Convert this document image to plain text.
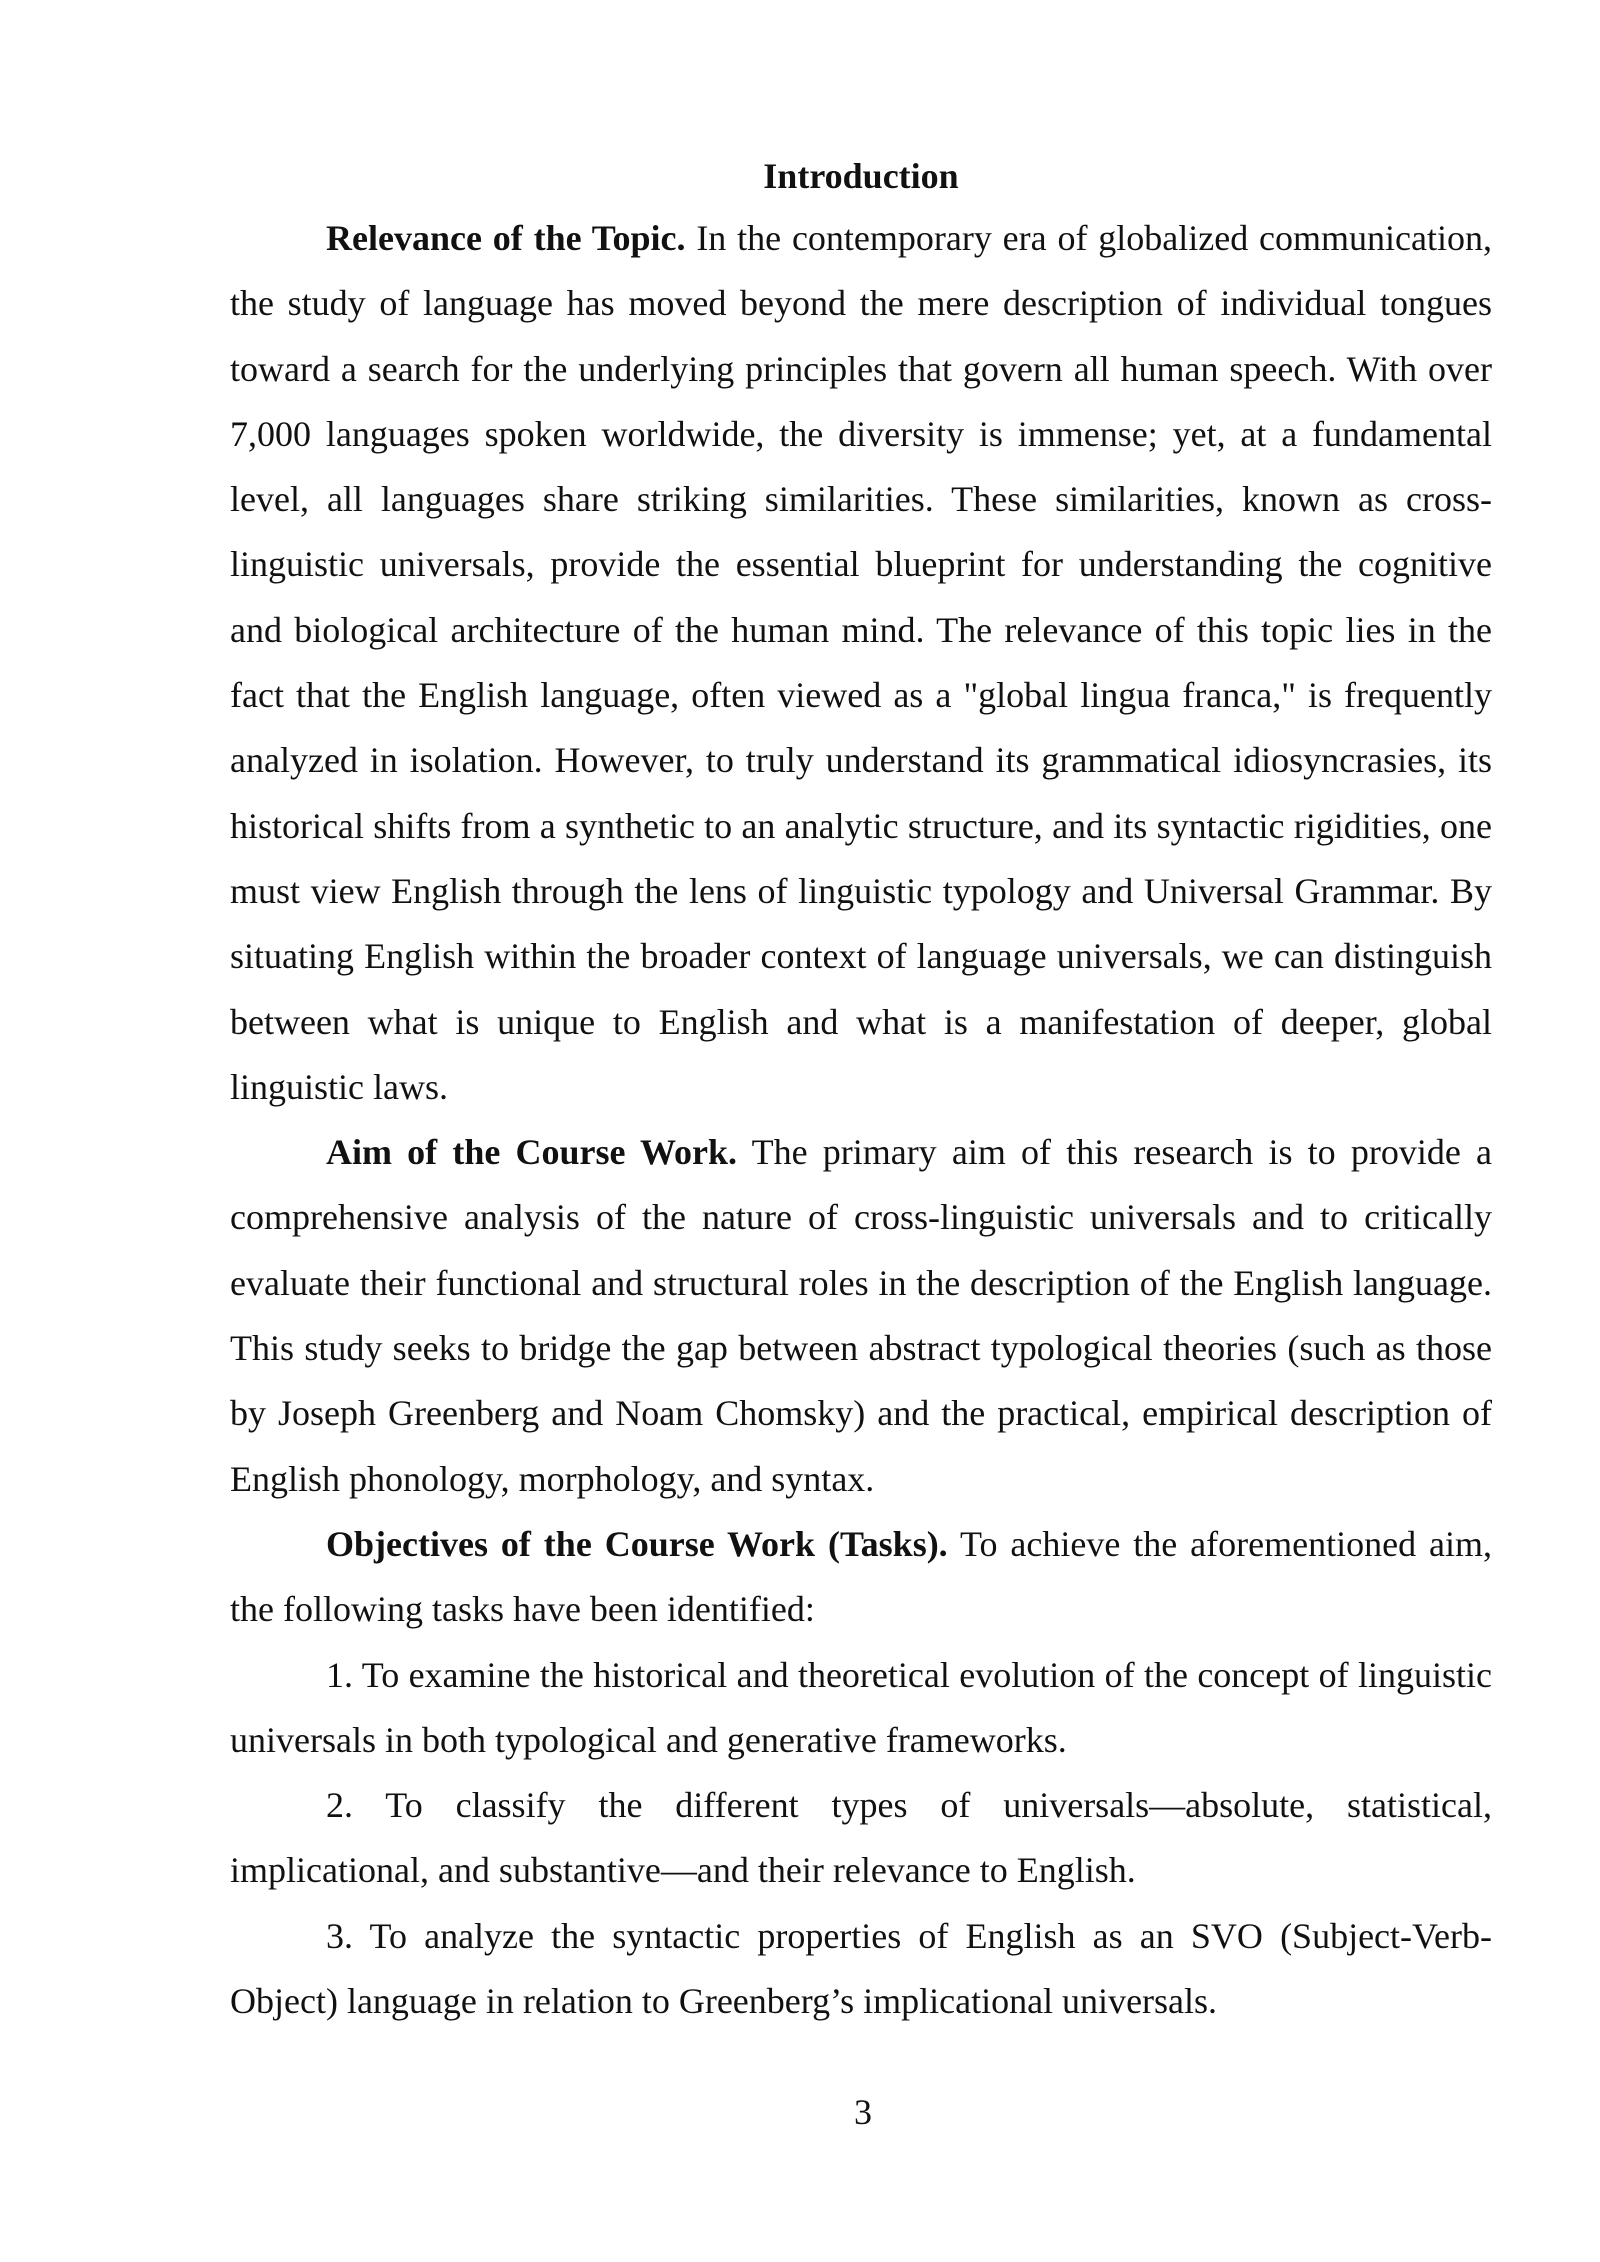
Introduction

Relevance of the Topic. In the contemporary era of globalized communication, the study of language has moved beyond the mere description of individual tongues toward a search for the underlying principles that govern all human speech. With over 7,000 languages spoken worldwide, the diversity is immense; yet, at a fundamental level, all languages share striking similarities. These similarities, known as cross-linguistic universals, provide the essential blueprint for understanding the cognitive and biological architecture of the human mind. The relevance of this topic lies in the fact that the English language, often viewed as a "global lingua franca," is frequently analyzed in isolation. However, to truly understand its grammatical idiosyncrasies, its historical shifts from a synthetic to an analytic structure, and its syntactic rigidities, one must view English through the lens of linguistic typology and Universal Grammar. By situating English within the broader context of language universals, we can distinguish between what is unique to English and what is a manifestation of deeper, global linguistic laws.

Aim of the Course Work. The primary aim of this research is to provide a comprehensive analysis of the nature of cross-linguistic universals and to critically evaluate their functional and structural roles in the description of the English language. This study seeks to bridge the gap between abstract typological theories (such as those by Joseph Greenberg and Noam Chomsky) and the practical, empirical description of English phonology, morphology, and syntax.

Objectives of the Course Work (Tasks). To achieve the aforementioned aim, the following tasks have been identified:

1. To examine the historical and theoretical evolution of the concept of linguistic universals in both typological and generative frameworks.

2. To classify the different types of universals—absolute, statistical, implicational, and substantive—and their relevance to English.

3. To analyze the syntactic properties of English as an SVO (Subject-Verb-Object) language in relation to Greenberg’s implicational universals.

3
